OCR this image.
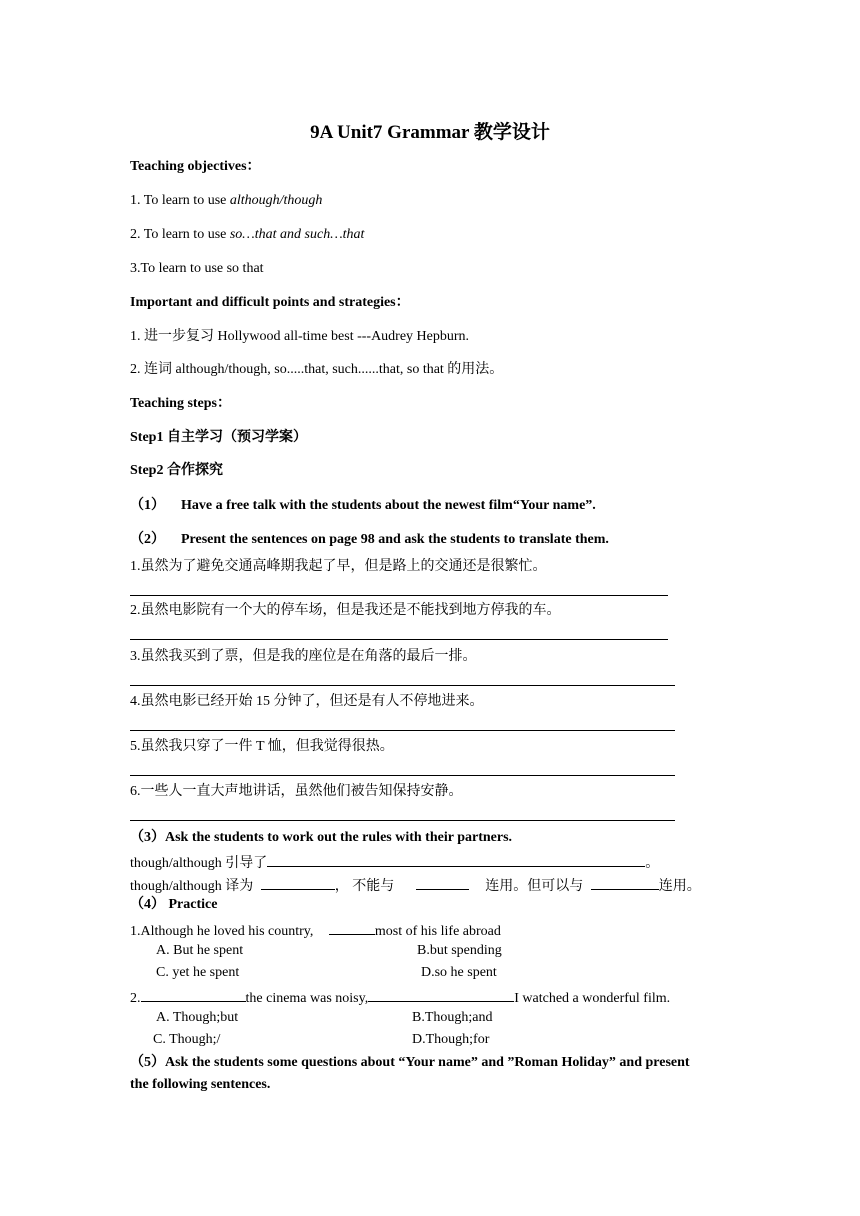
9A Unit7 Grammar 教学设计
Teaching objectives：
1. To learn to use although/though
2. To learn to use so…that and such…that
3.To learn to use so that
Important and difficult points and strategies：
1. 进一步复习 Hollywood all-time best ---Audrey Hepburn.
2. 连词 although/though, so.....that, such......that, so that 的用法。
Teaching steps：
Step1 自主学习（预习学案）
Step2 合作探究
（1） Have a free talk with the students about the newest film“Your name”.
（2） Present the sentences on page 98 and ask the students to translate them.
1.虽然为了避免交通高峰期我起了早，但是路上的交通还是很繁忙。
2.虽然电影院有一个大的停车场，但是我还是不能找到地方停我的车。
3.虽然我买到了票，但是我的座位是在角落的最后一排。
4.虽然电影已经开始 15 分钟了，但还是有人不停地进来。
5.虽然我只穿了一件 T 恤，但我觉得很热。
6.一些人一直大声地讲话，虽然他们被告知保持安静。
（3）Ask the students to work out the rules with their partners.
though/although 引导了	。
though/although 译为	， 不能与	连用。但可以与	连用。
（4） Practice
1.Although he loved his country,	most of his life abroad
A. But he spent	B.but spending
C. yet he spent	D.so he spent
2.	the cinema was noisy,	I watched a wonderful film.
A. Though;but	B.Though;and
C. Though;/	D.Though;for
（5）Ask the students some questions about “Your name” and ”Roman Holiday” and present
the following sentences.
